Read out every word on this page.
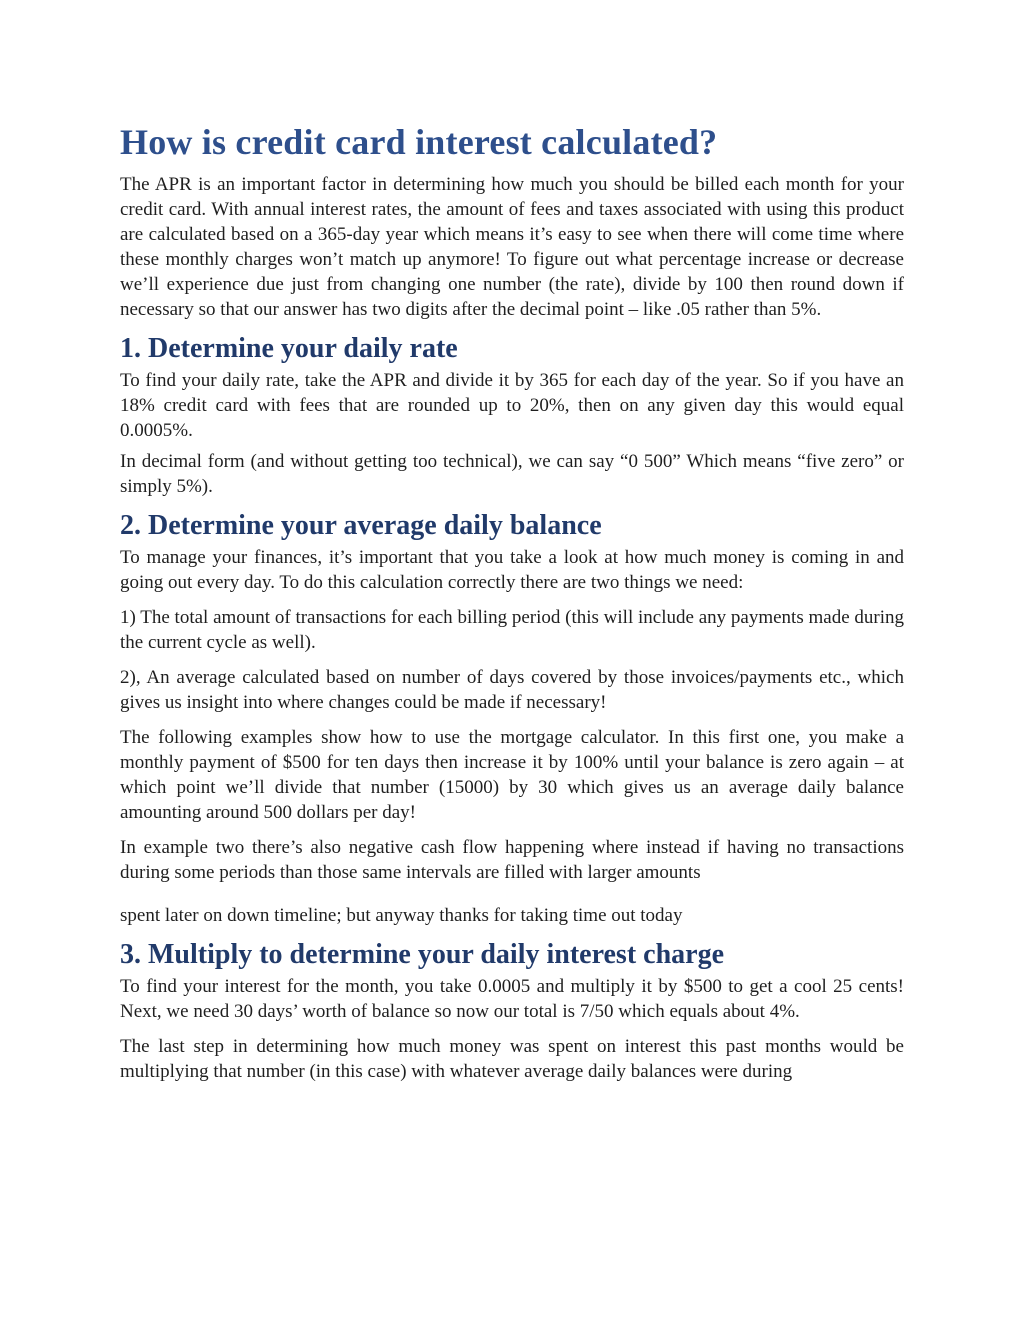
How is credit card interest calculated?

The APR is an important factor in determining how much you should be billed each month for your credit card. With annual interest rates, the amount of fees and taxes associated with using this product are calculated based on a 365-day year which means it’s easy to see when there will come time where these monthly charges won’t match up anymore! To figure out what percentage increase or decrease we’ll experience due just from changing one number (the rate), divide by 100 then round down if necessary so that our answer has two digits after the decimal point – like .05 rather than 5%.

1. Determine your daily rate

To find your daily rate, take the APR and divide it by 365 for each day of the year. So if you have an 18% credit card with fees that are rounded up to 20%, then on any given day this would equal 0.0005%.

In decimal form (and without getting too technical), we can say “0 500” Which means “five zero” or simply 5%).

2. Determine your average daily balance

To manage your finances, it’s important that you take a look at how much money is coming in and going out every day. To do this calculation correctly there are two things we need:

1) The total amount of transactions for each billing period (this will include any payments made during the current cycle as well).

2), An average calculated based on number of days covered by those invoices/payments etc., which gives us insight into where changes could be made if necessary!

The following examples show how to use the mortgage calculator. In this first one, you make a monthly payment of $500 for ten days then increase it by 100% until your balance is zero again – at which point we’ll divide that number (15000) by 30 which gives us an average daily balance amounting around 500 dollars per day!

In example two there’s also negative cash flow happening where instead if having no transactions during some periods than those same intervals are filled with larger amounts

spent later on down timeline; but anyway thanks for taking time out today

3. Multiply to determine your daily interest charge

To find your interest for the month, you take 0.0005 and multiply it by $500 to get a cool 25 cents! Next, we need 30 days’ worth of balance so now our total is 7/50 which equals about 4%.

The last step in determining how much money was spent on interest this past months would be multiplying that number (in this case) with whatever average daily balances were during
